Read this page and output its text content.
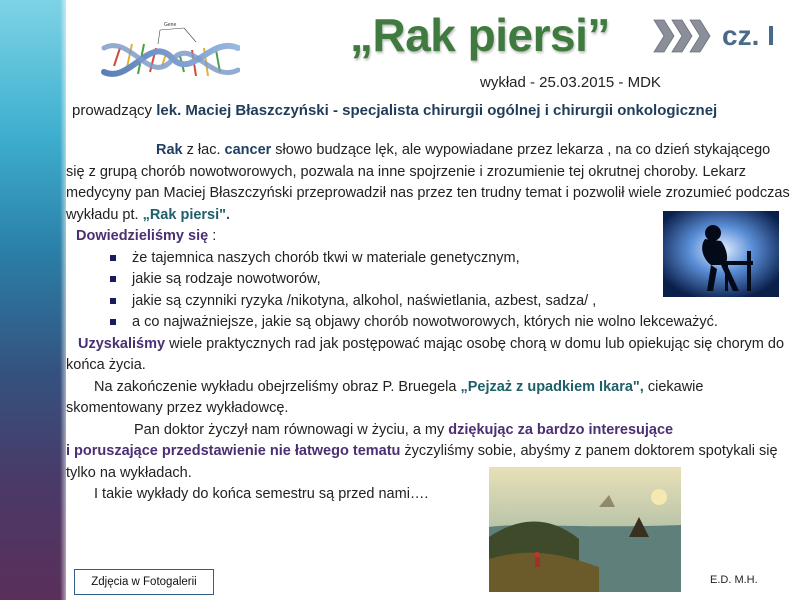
Gene	„Rak piersi”	cz. I
wykład - 25.03.2015 - MDK
prowadzący lek. Maciej Błaszczyński - specjalista chirurgii ogólnej i chirurgii onkologicznej

Rak z łac. cancer słowo budzące lęk, ale wypowiadane przez lekarza , na co dzień stykającego się z grupą chorób nowotworowych, pozwala na inne spojrzenie i zrozumienie tej okrutnej choroby. Lekarz medycyny pan Maciej Błaszczyński przeprowadził nas przez ten trudny temat i pozwolił wiele zrozumieć podczas wykładu pt. „Rak piersi".

Dowiedzieliśmy się :

że tajemnica naszych chorób tkwi w materiale genetycznym,
jakie są rodzaje nowotworów,
jakie są czynniki ryzyka /nikotyna, alkohol, naświetlania, azbest, sadza/ ,
a co najważniejsze, jakie są objawy chorób nowotworowych, których nie wolno lekceważyć.

Uzyskaliśmy wiele praktycznych rad jak postępować mając osobę chorą w domu lub opiekując się chorym do końca życia.

Na zakończenie wykładu obejrzeliśmy obraz P. Bruegela „Pejzaż z upadkiem Ikara", ciekawie skomentowany przez wykładowcę.

Pan doktor życzył nam równowagi w życiu, a my dziękując za bardzo interesujące
i poruszające przedstawienie nie łatwego tematu życzyliśmy sobie, abyśmy z panem doktorem spotykali się tylko na wykładach.

I takie wykłady do końca semestru są przed nami….

Zdjęcia w Fotogalerii	E.D. M.H.
